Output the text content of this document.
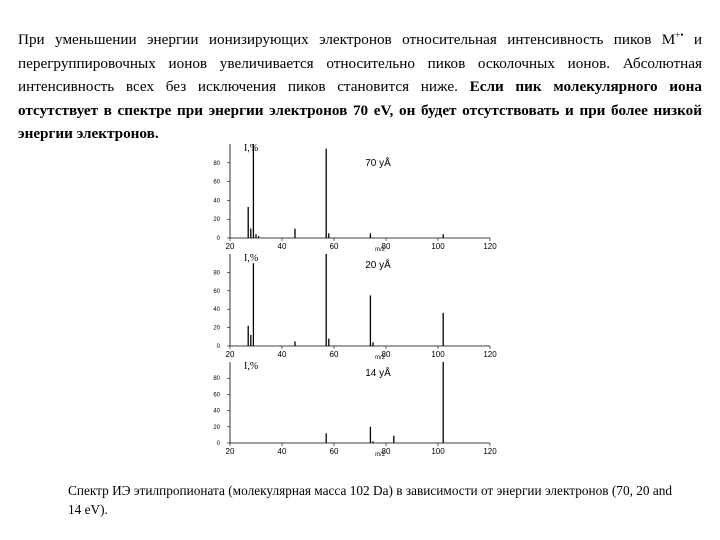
При уменьшении энергии ионизирующих электронов относительная интенсивность пиков М+• и перегруппировочных ионов увеличивается относительно пиков осколочных ионов. Абсолютная интенсивность всех без исключения пиков становится ниже. Если пик молекулярного иона отсутствует в спектре при энергии электронов 70 eV, он будет отсутствовать и при более низкой энергии электронов.

80
60
40
20
0
20	40	60	80	100	120
m/z
I,%
70 уÅ
80
60
40
20
0
20	40	60	80	100	120
m/z
I,%
20 уÅ
80
60
40
20
0
20	40	60	80	100	120
m/z
I,%
14 уÅ

Спектр ИЭ этилпропионата (молекулярная масса 102 Da) в зависимости от энергии электронов (70, 20 and 14 eV).
